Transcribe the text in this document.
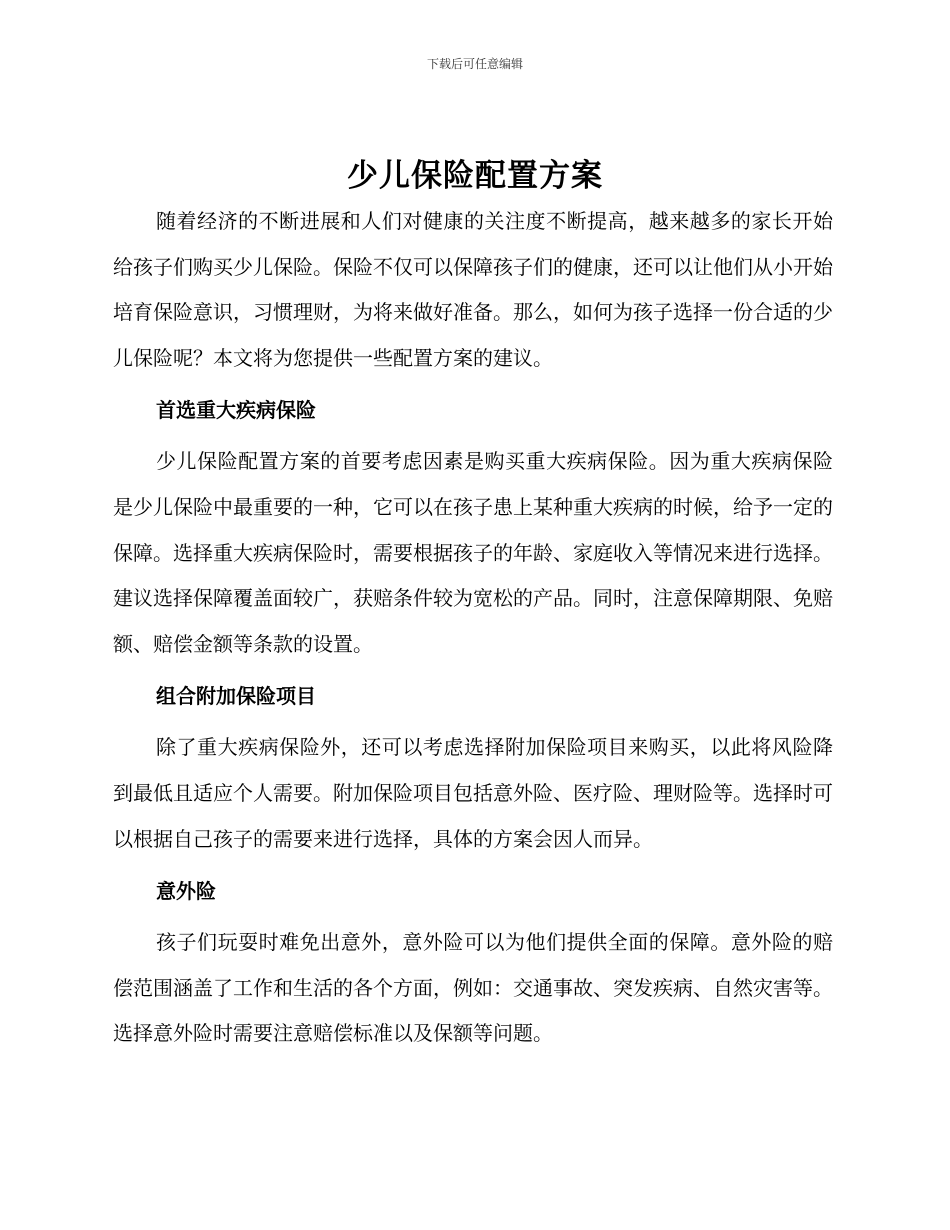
下载后可任意编辑
少儿保险配置方案

随着经济的不断进展和人们对健康的关注度不断提高，越来越多的家长开始给孩子们购买少儿保险。保险不仅可以保障孩子们的健康，还可以让他们从小开始培育保险意识，习惯理财，为将来做好准备。那么，如何为孩子选择一份合适的少儿保险呢？本文将为您提供一些配置方案的建议。

首选重大疾病保险

少儿保险配置方案的首要考虑因素是购买重大疾病保险。因为重大疾病保险是少儿保险中最重要的一种，它可以在孩子患上某种重大疾病的时候，给予一定的保障。选择重大疾病保险时，需要根据孩子的年龄、家庭收入等情况来进行选择。建议选择保障覆盖面较广，获赔条件较为宽松的产品。同时，注意保障期限、免赔额、赔偿金额等条款的设置。

组合附加保险项目

除了重大疾病保险外，还可以考虑选择附加保险项目来购买，以此将风险降到最低且适应个人需要。附加保险项目包括意外险、医疗险、理财险等。选择时可以根据自己孩子的需要来进行选择，具体的方案会因人而异。

意外险

孩子们玩耍时难免出意外，意外险可以为他们提供全面的保障。意外险的赔偿范围涵盖了工作和生活的各个方面，例如：交通事故、突发疾病、自然灾害等。选择意外险时需要注意赔偿标准以及保额等问题。
